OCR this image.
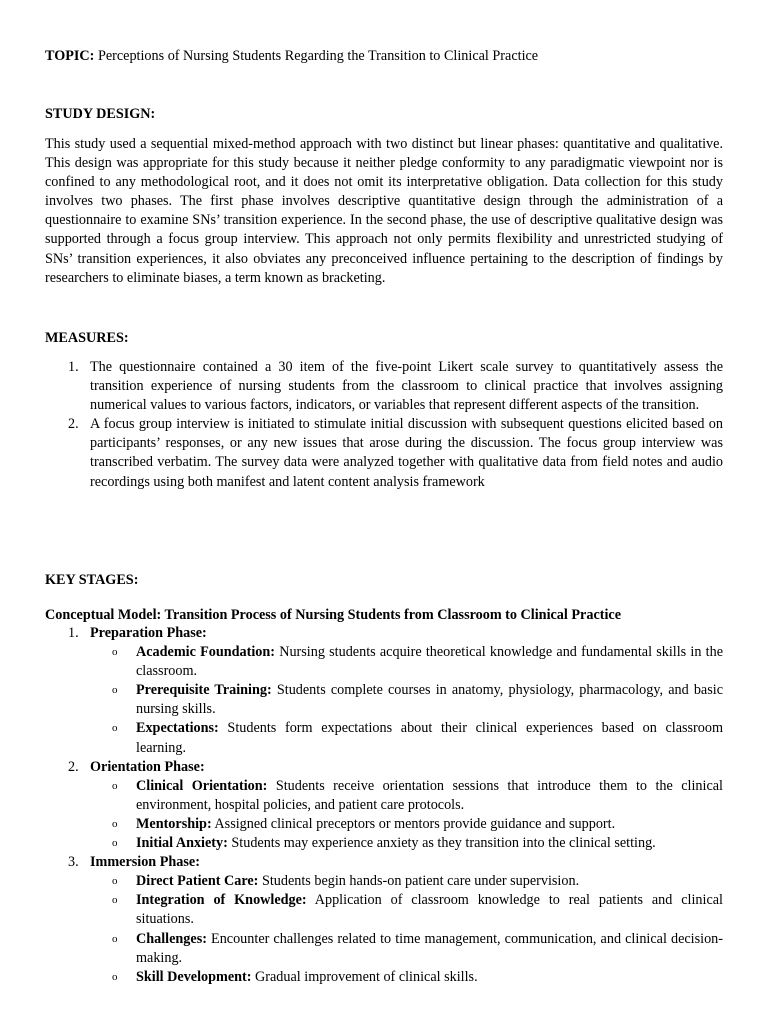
TOPIC: Perceptions of Nursing Students Regarding the Transition to Clinical Practice
STUDY DESIGN:
This study used a sequential mixed-method approach with two distinct but linear phases: quantitative and qualitative. This design was appropriate for this study because it neither pledge conformity to any paradigmatic viewpoint nor is confined to any methodological root, and it does not omit its interpretative obligation. Data collection for this study involves two phases. The first phase involves descriptive quantitative design through the administration of a questionnaire to examine SNs’ transition experience. In the second phase, the use of descriptive qualitative design was supported through a focus group interview. This approach not only permits flexibility and unrestricted studying of SNs’ transition experiences, it also obviates any preconceived influence pertaining to the description of findings by researchers to eliminate biases, a term known as bracketing.
MEASURES:
1. The questionnaire contained a 30 item of the five-point Likert scale survey to quantitatively assess the transition experience of nursing students from the classroom to clinical practice that involves assigning numerical values to various factors, indicators, or variables that represent different aspects of the transition.
2. A focus group interview is initiated to stimulate initial discussion with subsequent questions elicited based on participants’ responses, or any new issues that arose during the discussion. The focus group interview was transcribed verbatim. The survey data were analyzed together with qualitative data from field notes and audio recordings using both manifest and latent content analysis framework
KEY STAGES:
Conceptual Model: Transition Process of Nursing Students from Classroom to Clinical Practice
1. Preparation Phase:
o Academic Foundation: Nursing students acquire theoretical knowledge and fundamental skills in the classroom.
o Prerequisite Training: Students complete courses in anatomy, physiology, pharmacology, and basic nursing skills.
o Expectations: Students form expectations about their clinical experiences based on classroom learning.
2. Orientation Phase:
o Clinical Orientation: Students receive orientation sessions that introduce them to the clinical environment, hospital policies, and patient care protocols.
o Mentorship: Assigned clinical preceptors or mentors provide guidance and support.
o Initial Anxiety: Students may experience anxiety as they transition into the clinical setting.
3. Immersion Phase:
o Direct Patient Care: Students begin hands-on patient care under supervision.
o Integration of Knowledge: Application of classroom knowledge to real patients and clinical situations.
o Challenges: Encounter challenges related to time management, communication, and clinical decision-making.
o Skill Development: Gradual improvement of clinical skills.
